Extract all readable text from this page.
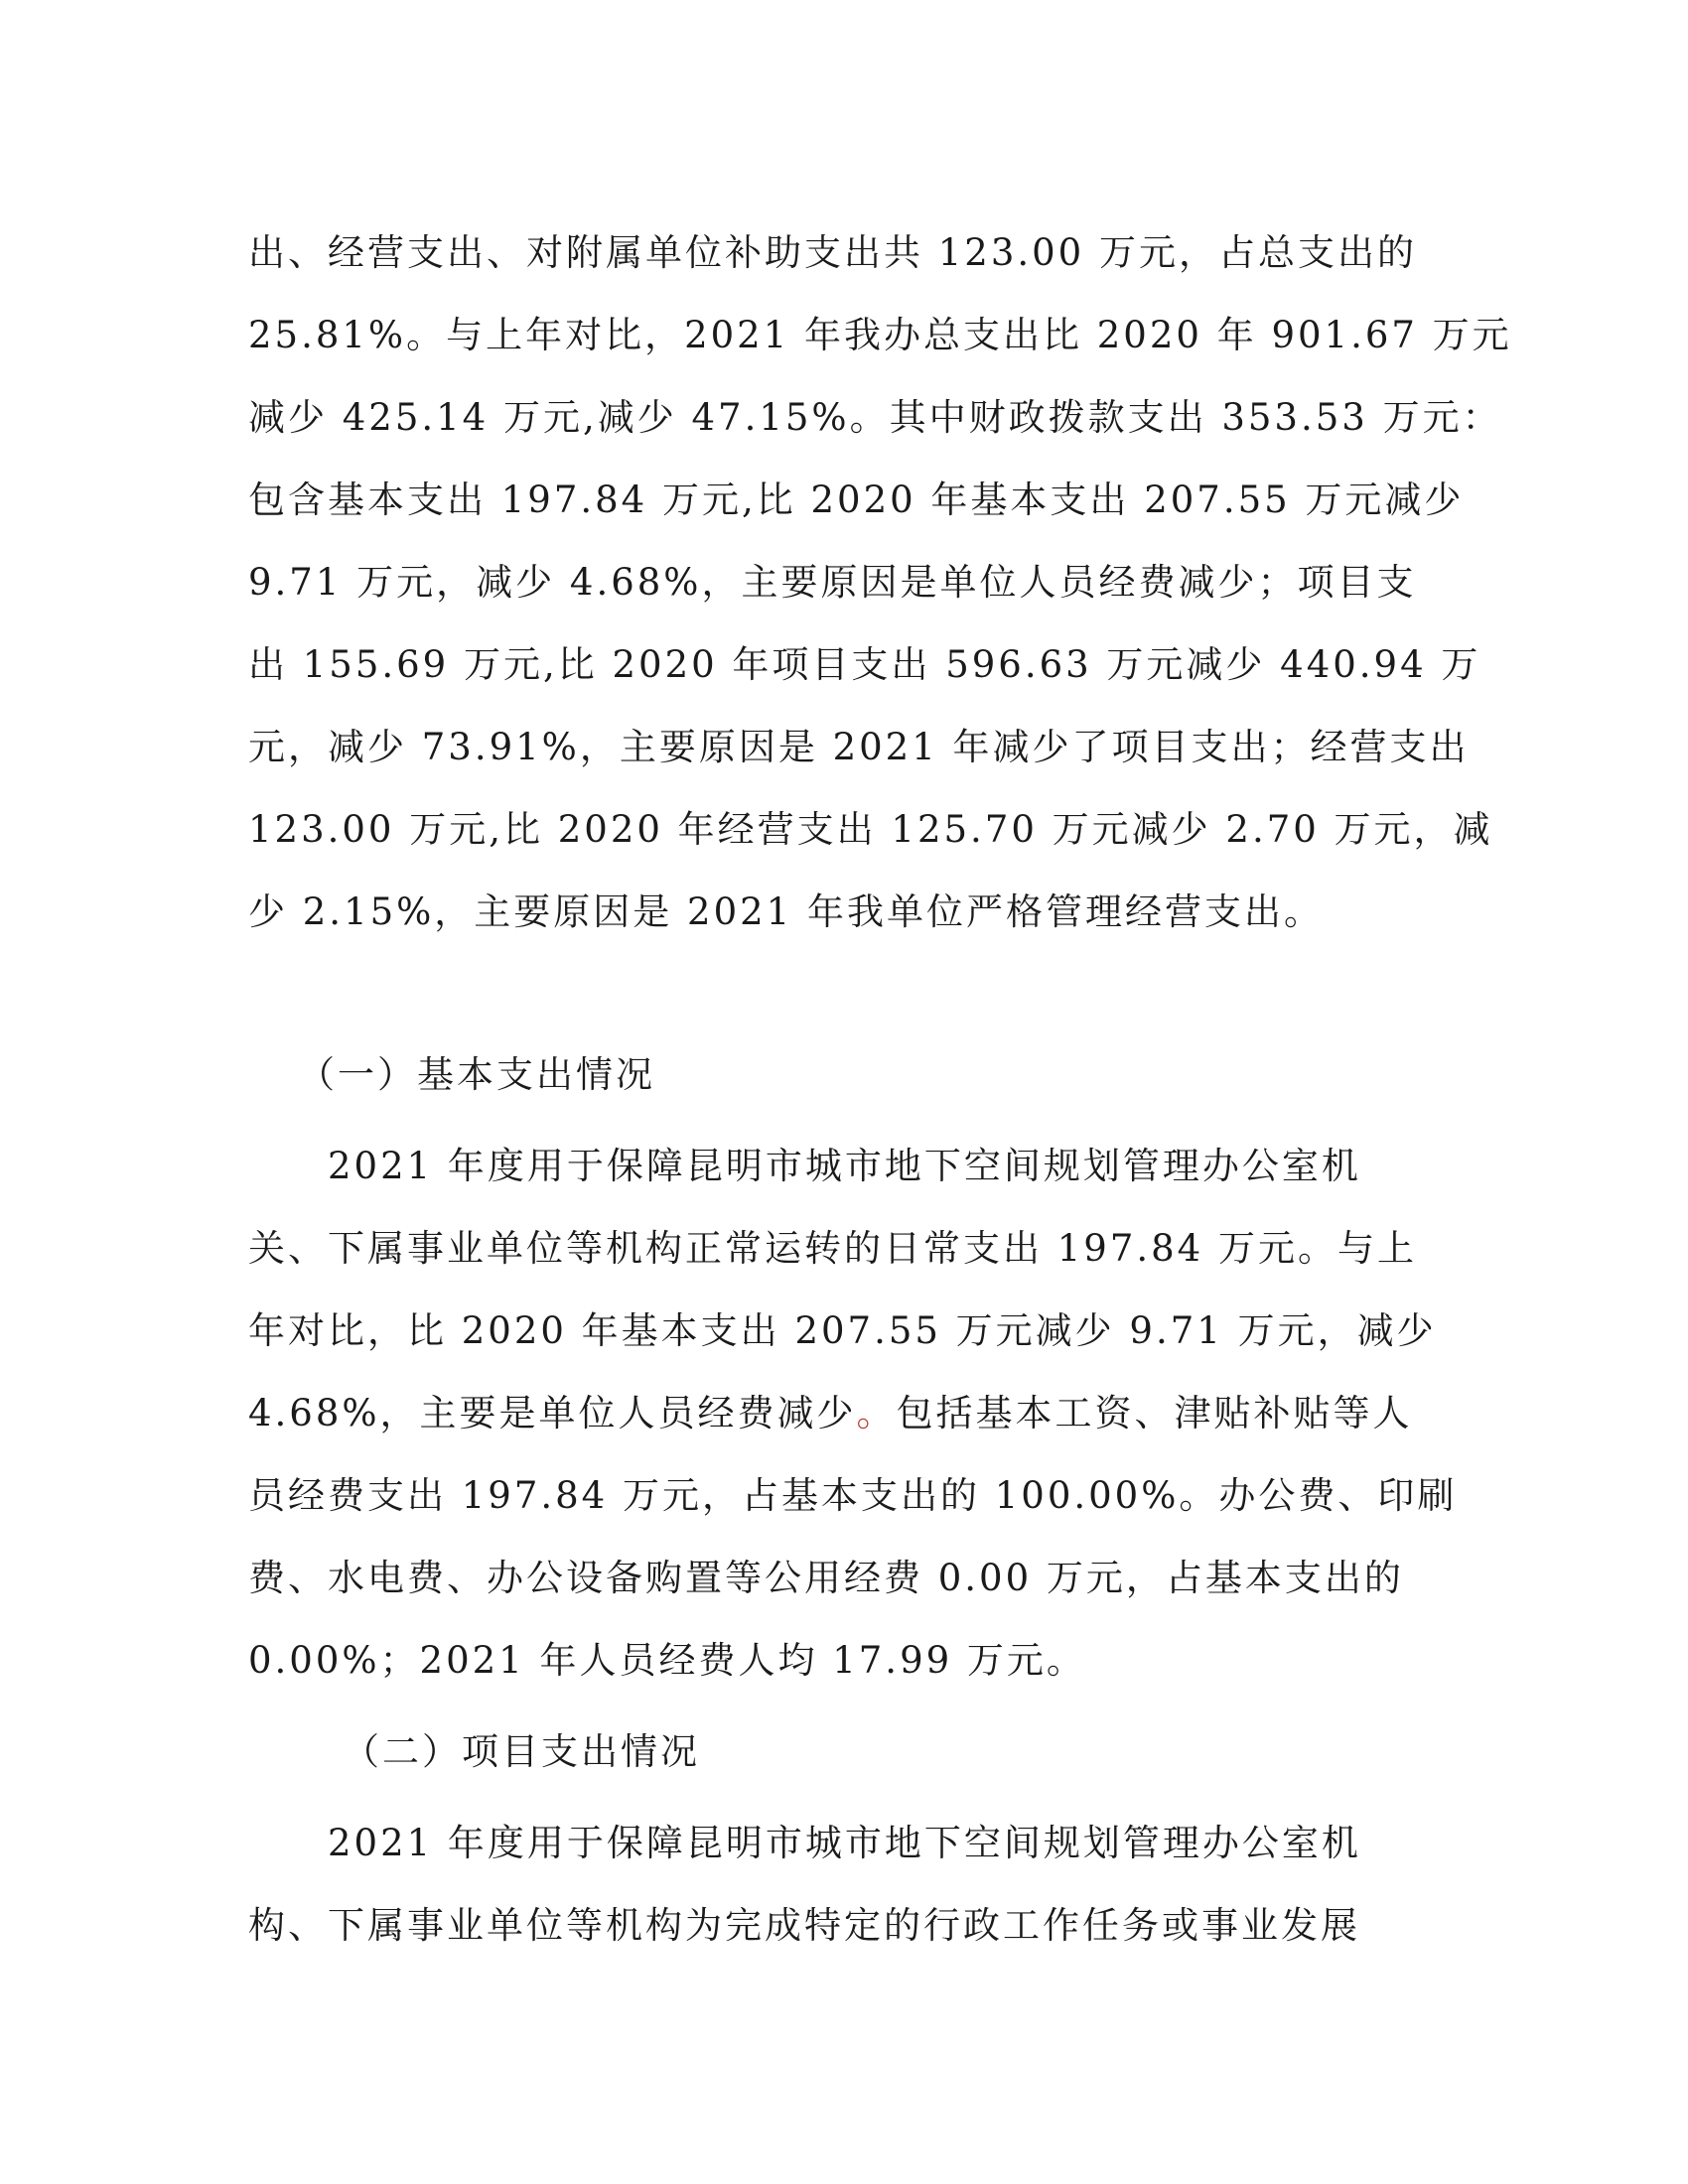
出、经营支出、对附属单位补助支出共 123.00 万元，占总支出的
25.81%。与上年对比，2021 年我办总支出比 2020 年 901.67 万元
减少 425.14 万元,减少 47.15%。其中财政拨款支出 353.53 万元：
包含基本支出 197.84 万元,比 2020 年基本支出 207.55 万元减少
9.71 万元，减少 4.68%，主要原因是单位人员经费减少；项目支
出 155.69 万元,比 2020 年项目支出 596.63 万元减少 440.94 万
元，减少 73.91%，主要原因是 2021 年减少了项目支出；经营支出
123.00 万元,比 2020 年经营支出 125.70 万元减少 2.70 万元，减
少 2.15%，主要原因是 2021 年我单位严格管理经营支出。
（一）基本支出情况
2021 年度用于保障昆明市城市地下空间规划管理办公室机
关、下属事业单位等机构正常运转的日常支出 197.84 万元。与上
年对比，比 2020 年基本支出 207.55 万元减少 9.71 万元，减少
4.68%，主要是单位人员经费减少。包括基本工资、津贴补贴等人
员经费支出 197.84 万元，占基本支出的 100.00%。办公费、印刷
费、水电费、办公设备购置等公用经费 0.00 万元，占基本支出的
0.00%；2021 年人员经费人均 17.99 万元。
（二）项目支出情况
2021 年度用于保障昆明市城市地下空间规划管理办公室机
构、下属事业单位等机构为完成特定的行政工作任务或事业发展
